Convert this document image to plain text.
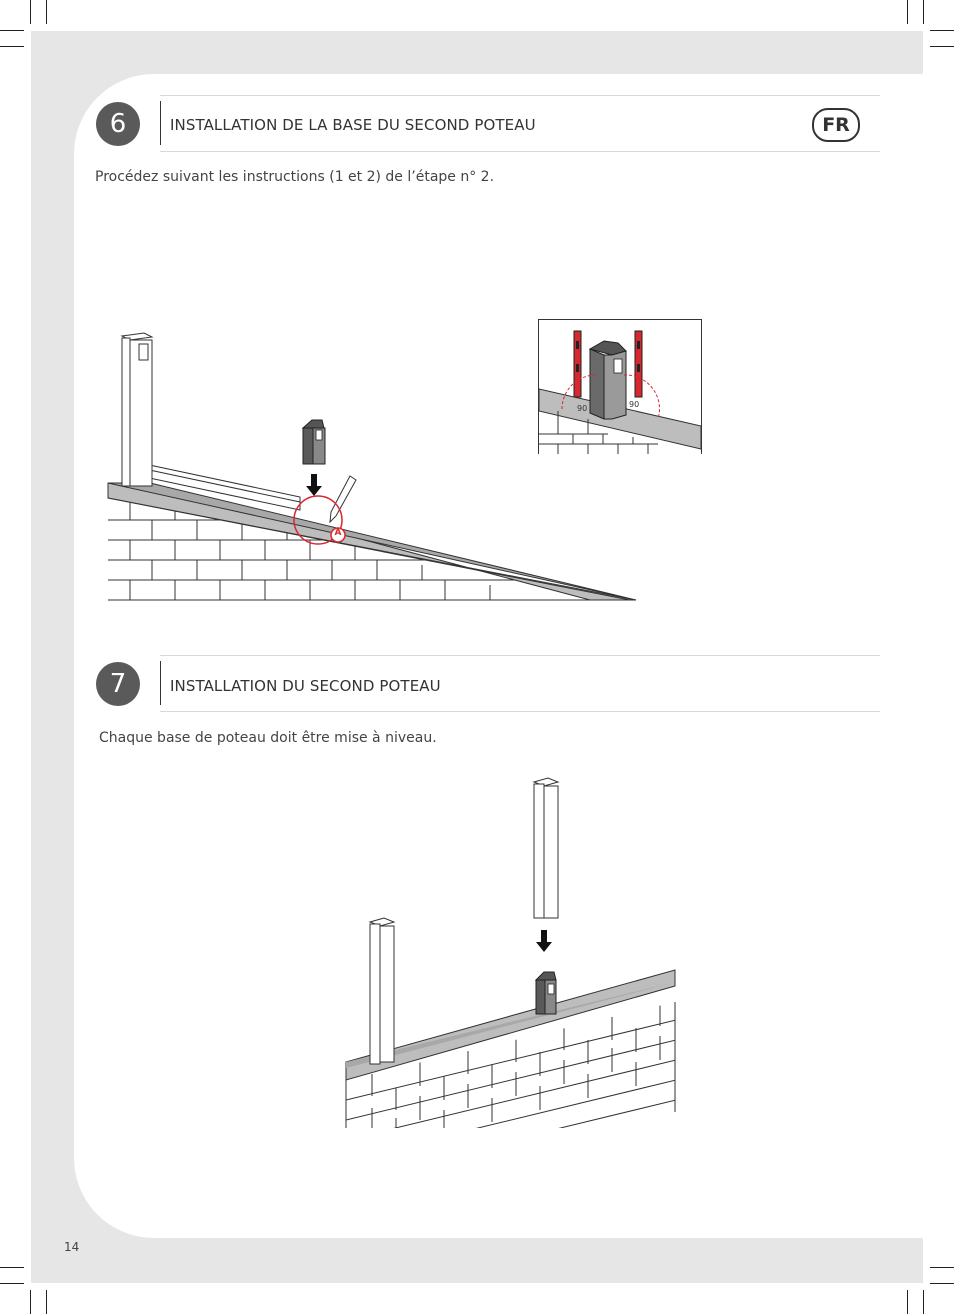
6	INSTALLATION DE LA BASE DU SECOND POTEAU	FR
Procédez suivant les instructions (1 et 2) de l’étape n° 2.
A
90	90
7	INSTALLATION DU SECOND POTEAU
Chaque base de poteau doit être mise à niveau.
14
